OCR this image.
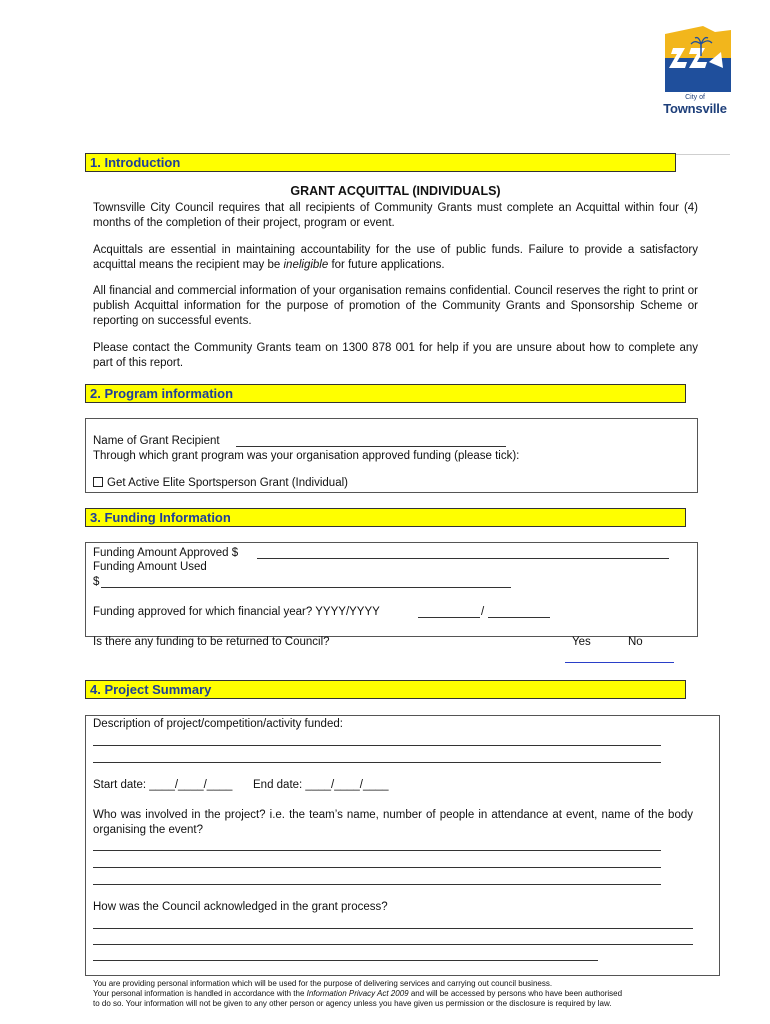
City of
Townsville
1. Introduction
GRANT ACQUITTAL (INDIVIDUALS)
Townsville City Council requires that all recipients of Community Grants must complete an Acquittal within four (4) months of the completion of their project, program or event.
Acquittals are essential in maintaining accountability for the use of public funds. Failure to provide a satisfactory acquittal means the recipient may be ineligible for future applications.
All financial and commercial information of your organisation remains confidential. Council reserves the right to print or publish Acquittal information for the purpose of promotion of the Community Grants and Sponsorship Scheme or reporting on successful events.
Please contact the Community Grants team on 1300 878 001 for help if you are unsure about how to complete any part of this report.
2. Program information
Name of Grant Recipient
Through which grant program was your organisation approved funding (please tick):
Get Active Elite Sportsperson Grant (Individual)
3. Funding Information
Funding Amount Approved $
Funding Amount Used
$
Funding approved for which financial year? YYYY/YYYY	/
Is there any funding to be returned to Council?	Yes	No
4. Project Summary
Description of project/competition/activity funded:
Start date: ____/____/____ End date: ____/____/____
Who was involved in the project? i.e. the team’s name, number of people in attendance at event, name of the body organising the event?
How was the Council acknowledged in the grant process?
You are providing personal information which will be used for the purpose of delivering services and carrying out council business.
Your personal information is handled in accordance with the Information Privacy Act 2009 and will be accessed by persons who have been authorised
to do so. Your information will not be given to any other person or agency unless you have given us permission or the disclosure is required by law.
